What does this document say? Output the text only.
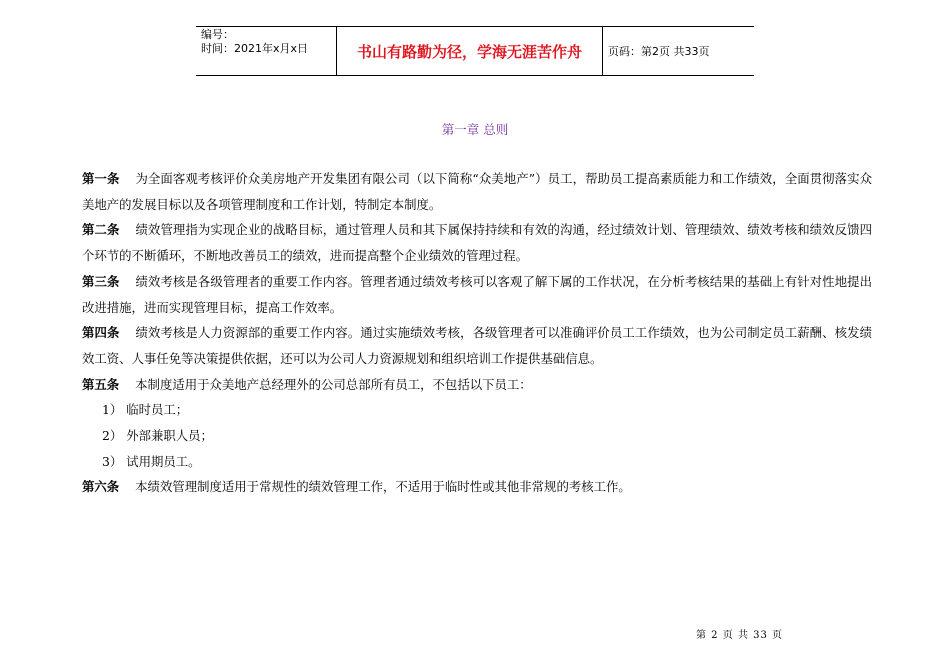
编号：
时间：2021年x月x日	书山有路勤为径，学海无涯苦作舟	页码：第2页 共33页
第一章 总则
第一条 为全面客观考核评价众美房地产开发集团有限公司（以下简称“众美地产”）员工，帮助员工提高素质能力和工作绩效，全面贯彻落实众美地产的发展目标以及各项管理制度和工作计划，特制定本制度。
第二条 绩效管理指为实现企业的战略目标，通过管理人员和其下属保持持续和有效的沟通，经过绩效计划、管理绩效、绩效考核和绩效反馈四个环节的不断循环，不断地改善员工的绩效，进而提高整个企业绩效的管理过程。
第三条 绩效考核是各级管理者的重要工作内容。管理者通过绩效考核可以客观了解下属的工作状况，在分析考核结果的基础上有针对性地提出改进措施，进而实现管理目标，提高工作效率。
第四条 绩效考核是人力资源部的重要工作内容。通过实施绩效考核，各级管理者可以准确评价员工工作绩效，也为公司制定员工薪酬、核发绩效工资、人事任免等决策提供依据，还可以为公司人力资源规划和组织培训工作提供基础信息。
第五条 本制度适用于众美地产总经理外的公司总部所有员工，不包括以下员工：
1） 临时员工；
2） 外部兼职人员；
3） 试用期员工。
第六条 本绩效管理制度适用于常规性的绩效管理工作，不适用于临时性或其他非常规的考核工作。
第 2 页 共 33 页
